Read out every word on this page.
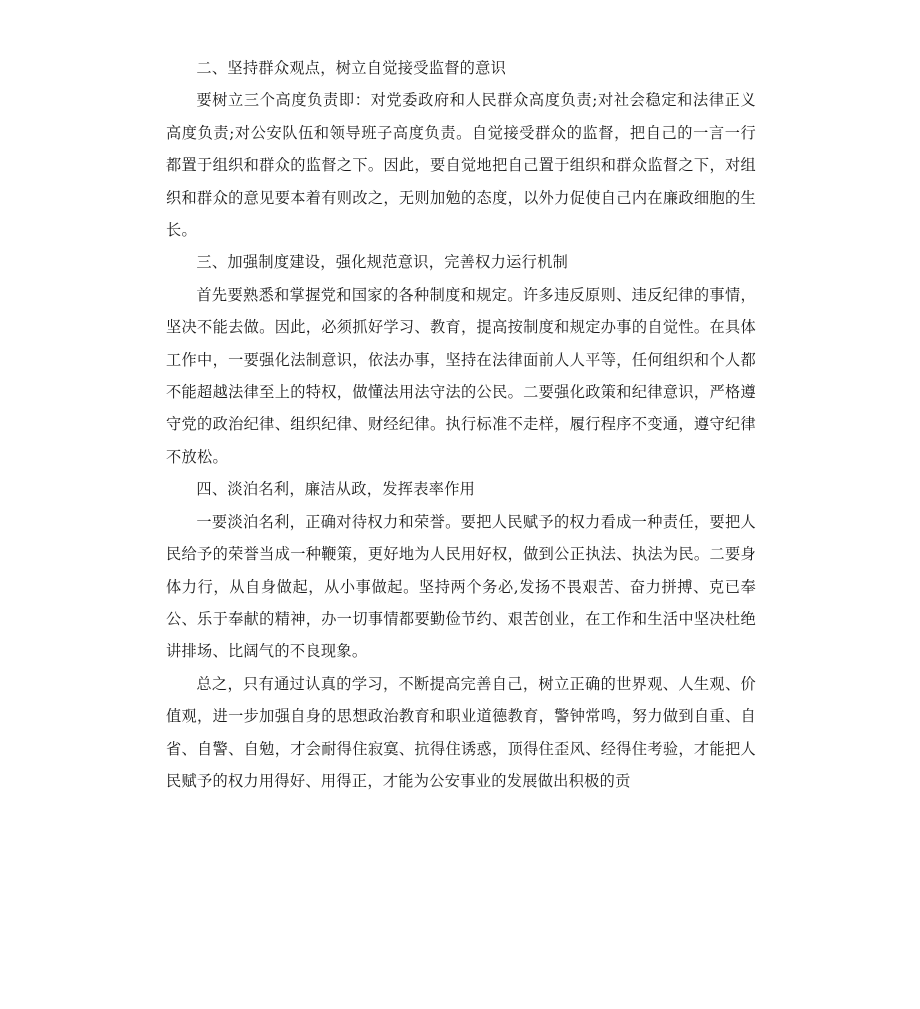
二、坚持群众观点，树立自觉接受监督的意识

要树立三个高度负责即：对党委政府和人民群众高度负责;对社会稳定和法律正义高度负责;对公安队伍和领导班子高度负责。自觉接受群众的监督，把自己的一言一行都置于组织和群众的监督之下。因此，要自觉地把自己置于组织和群众监督之下，对组织和群众的意见要本着有则改之，无则加勉的态度，以外力促使自己内在廉政细胞的生长。

三、加强制度建设，强化规范意识，完善权力运行机制

首先要熟悉和掌握党和国家的各种制度和规定。许多违反原则、违反纪律的事情，坚决不能去做。因此，必须抓好学习、教育，提高按制度和规定办事的自觉性。在具体工作中，一要强化法制意识，依法办事，坚持在法律面前人人平等，任何组织和个人都不能超越法律至上的特权，做懂法用法守法的公民。二要强化政策和纪律意识，严格遵守党的政治纪律、组织纪律、财经纪律。执行标准不走样，履行程序不变通，遵守纪律不放松。

四、淡泊名利，廉洁从政，发挥表率作用

一要淡泊名利，正确对待权力和荣誉。要把人民赋予的权力看成一种责任，要把人民给予的荣誉当成一种鞭策，更好地为人民用好权，做到公正执法、执法为民。二要身体力行，从自身做起，从小事做起。坚持两个务必,发扬不畏艰苦、奋力拼搏、克已奉公、乐于奉献的精神，办一切事情都要勤俭节约、艰苦创业，在工作和生活中坚决杜绝讲排场、比阔气的不良现象。

总之，只有通过认真的学习，不断提高完善自己，树立正确的世界观、人生观、价值观，进一步加强自身的思想政治教育和职业道德教育，警钟常鸣，努力做到自重、自省、自警、自勉，才会耐得住寂寞、抗得住诱惑，顶得住歪风、经得住考验，才能把人民赋予的权力用得好、用得正，才能为公安事业的发展做出积极的贡
